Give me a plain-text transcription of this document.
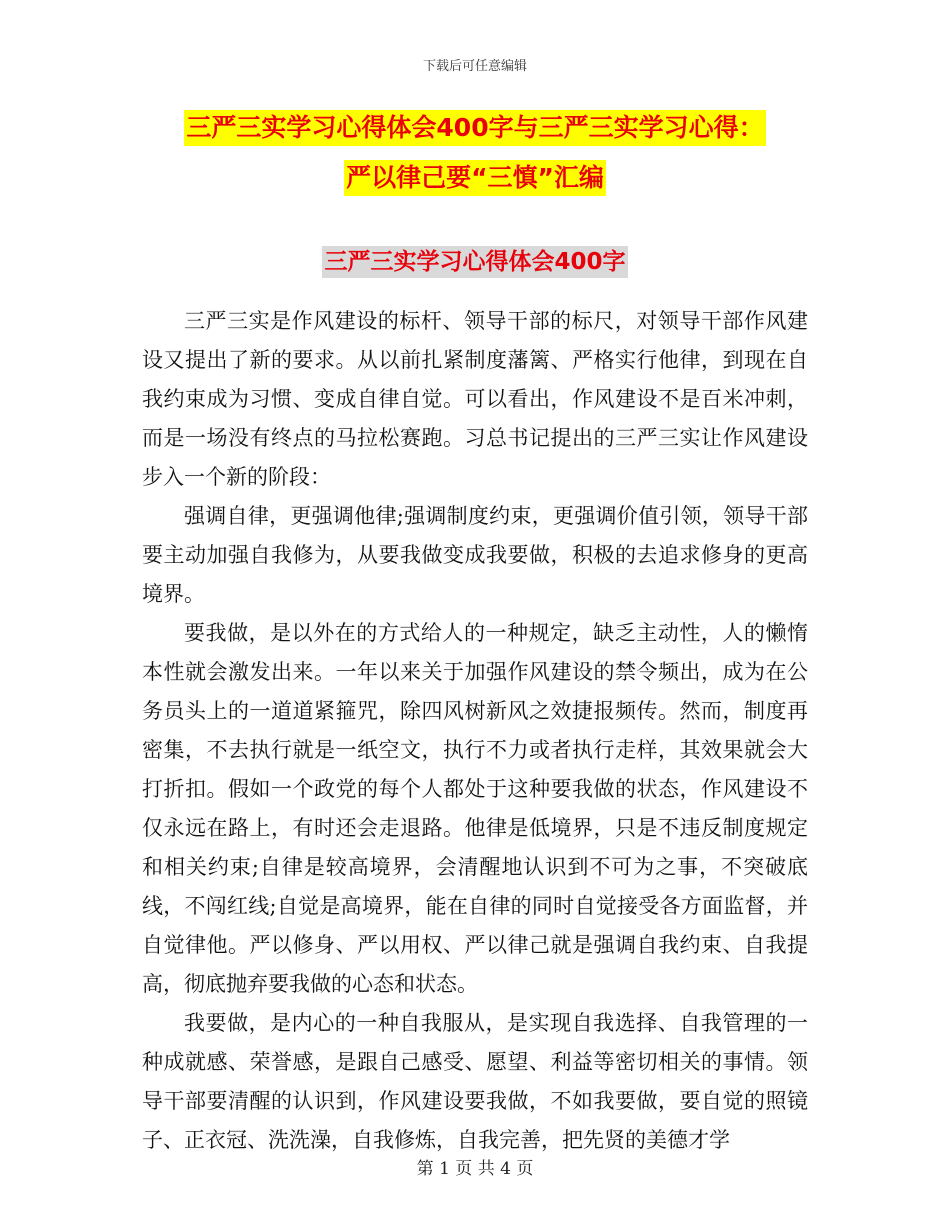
下载后可任意编辑
三严三实学习心得体会400字与三严三实学习心得：
严以律己要“三慎”汇编
三严三实学习心得体会400字

三严三实是作风建设的标杆、领导干部的标尺，对领导干部作风建设又提出了新的要求。从以前扎紧制度藩篱、严格实行他律，到现在自我约束成为习惯、变成自律自觉。可以看出，作风建设不是百米冲刺，而是一场没有终点的马拉松赛跑。习总书记提出的三严三实让作风建设步入一个新的阶段：

强调自律，更强调他律;强调制度约束，更强调价值引领，领导干部要主动加强自我修为，从要我做变成我要做，积极的去追求修身的更高境界。

要我做，是以外在的方式给人的一种规定，缺乏主动性，人的懒惰本性就会激发出来。一年以来关于加强作风建设的禁令频出，成为在公务员头上的一道道紧箍咒，除四风树新风之效捷报频传。然而，制度再密集，不去执行就是一纸空文，执行不力或者执行走样，其效果就会大打折扣。假如一个政党的每个人都处于这种要我做的状态，作风建设不仅永远在路上，有时还会走退路。他律是低境界，只是不违反制度规定和相关约束;自律是较高境界，会清醒地认识到不可为之事，不突破底线，不闯红线;自觉是高境界，能在自律的同时自觉接受各方面监督，并自觉律他。严以修身、严以用权、严以律己就是强调自我约束、自我提高，彻底抛弃要我做的心态和状态。

我要做，是内心的一种自我服从，是实现自我选择、自我管理的一种成就感、荣誉感，是跟自己感受、愿望、利益等密切相关的事情。领导干部要清醒的认识到，作风建设要我做，不如我要做，要自觉的照镜子、正衣冠、洗洗澡，自我修炼，自我完善，把先贤的美德才学

第 1 页 共 4 页
